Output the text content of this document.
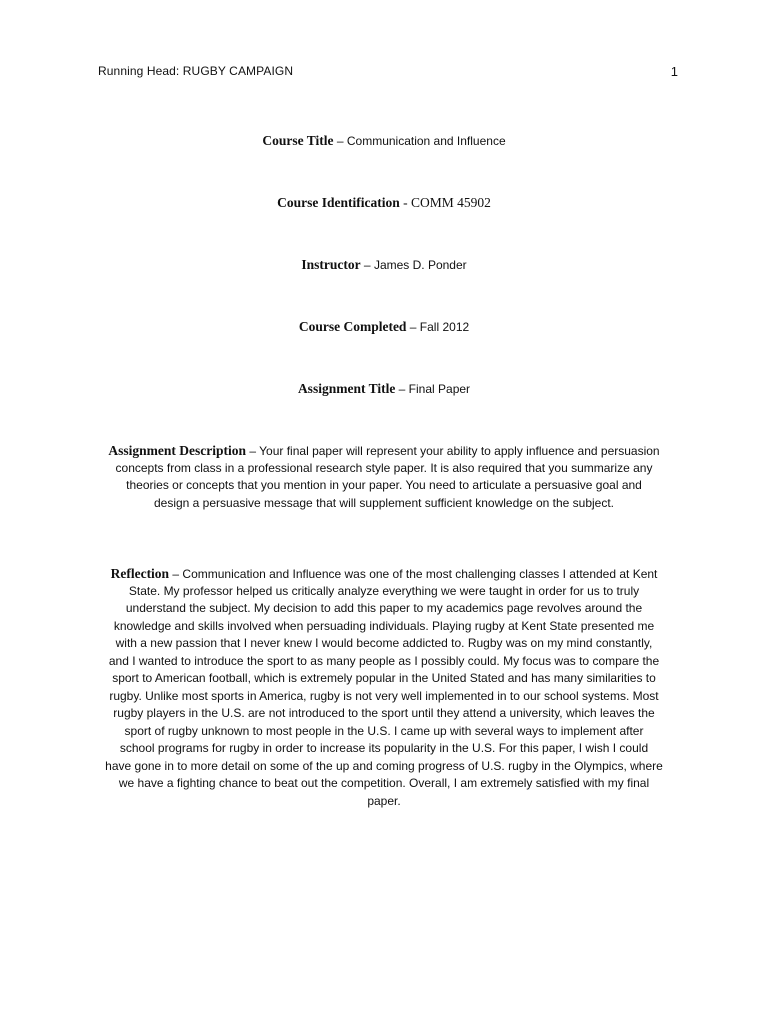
Running Head: RUGBY CAMPAIGN	1
Course Title – Communication and Influence
Course Identification - COMM 45902
Instructor – James D. Ponder
Course Completed – Fall 2012
Assignment Title – Final Paper
Assignment Description – Your final paper will represent your ability to apply influence and persuasion
concepts from class in a professional research style paper. It is also required that you summarize any
theories or concepts that you mention in your paper. You need to articulate a persuasive goal and
design a persuasive message that will supplement sufficient knowledge on the subject.
Reflection – Communication and Influence was one of the most challenging classes I attended at Kent
State. My professor helped us critically analyze everything we were taught in order for us to truly
understand the subject. My decision to add this paper to my academics page revolves around the
knowledge and skills involved when persuading individuals. Playing rugby at Kent State presented me
with a new passion that I never knew I would become addicted to. Rugby was on my mind constantly,
and I wanted to introduce the sport to as many people as I possibly could. My focus was to compare the
sport to American football, which is extremely popular in the United Stated and has many similarities to
rugby. Unlike most sports in America, rugby is not very well implemented in to our school systems. Most
rugby players in the U.S. are not introduced to the sport until they attend a university, which leaves the
sport of rugby unknown to most people in the U.S. I came up with several ways to implement after
school programs for rugby in order to increase its popularity in the U.S. For this paper, I wish I could
have gone in to more detail on some of the up and coming progress of U.S. rugby in the Olympics, where
we have a fighting chance to beat out the competition. Overall, I am extremely satisfied with my final
paper.
